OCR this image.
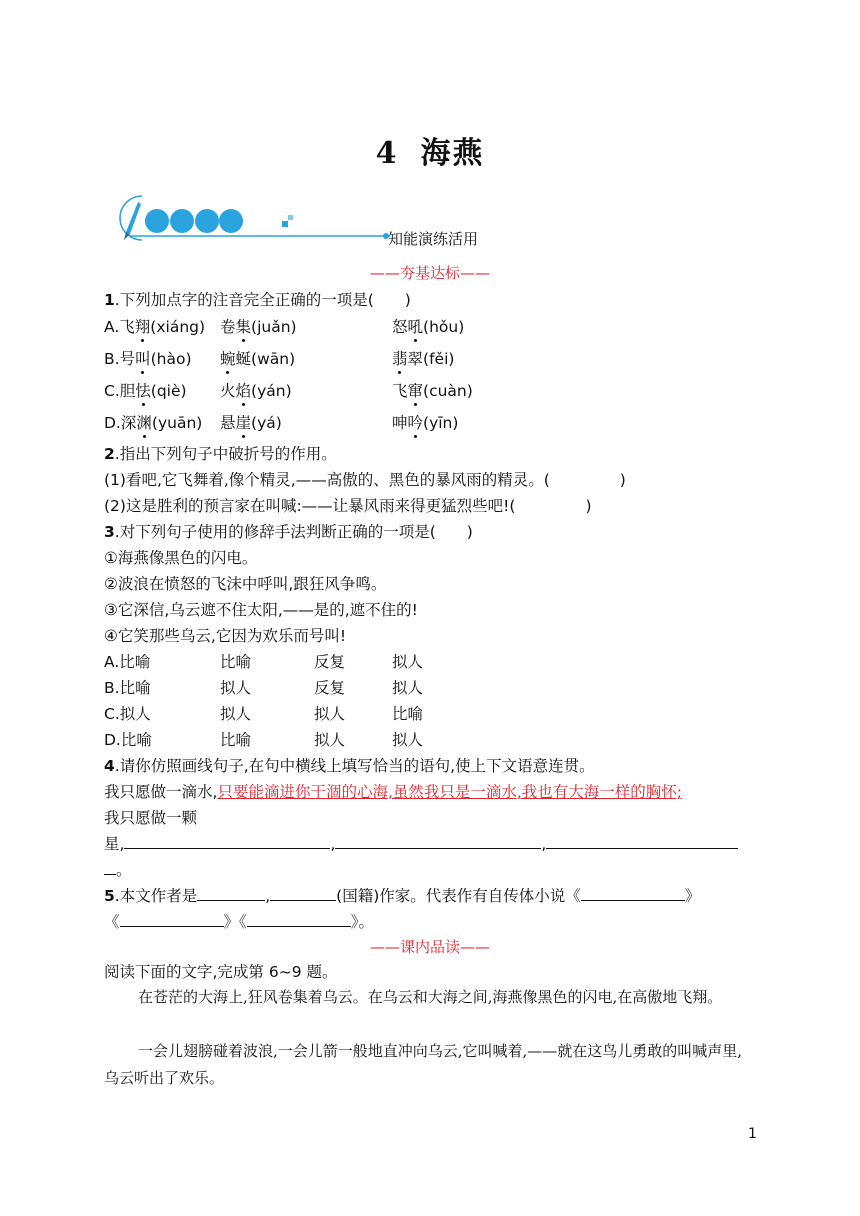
4 海燕
知能演练活用
——夯基达标——
1.下列加点字的注音完全正确的一项是(　　)
A.飞翔(xiáng) 卷集(juǎn)	怒吼(hǒu)
B.号叫(hào) 蜿蜒(wān)	翡翠(fěi)
C.胆怯(qiè) 火焰(yán)	飞窜(cuàn)
D.深渊(yuān) 悬崖(yá)	呻吟(yīn)
2.指出下列句子中破折号的作用。
(1)看吧,它飞舞着,像个精灵,——高傲的、黑色的暴风雨的精灵。(	)
(2)这是胜利的预言家在叫喊:——让暴风雨来得更猛烈些吧!(	)
3.对下列句子使用的修辞手法判断正确的一项是(　　)
①海燕像黑色的闪电。
②波浪在愤怒的飞沫中呼叫,跟狂风争鸣。
③它深信,乌云遮不住太阳,——是的,遮不住的!
④它笑那些乌云,它因为欢乐而号叫!
A.比喻	比喻	反复	拟人
B.比喻	拟人	反复	拟人
C.拟人	拟人	拟人	比喻
D.比喻	比喻	拟人	拟人
4.请你仿照画线句子,在句中横线上填写恰当的语句,使上下文语意连贯。
我只愿做一滴水,只要能滴进你干涸的心海,虽然我只是一滴水,我也有大海一样的胸怀;
我只愿做一颗
星,	,	,
。
5.本文作者是	,	(国籍)作家。代表作有自传体小说《	》
《	》《	》。
——课内品读——
阅读下面的文字,完成第 6~9 题。
在苍茫的大海上,狂风卷集着乌云。在乌云和大海之间,海燕像黑色的闪电,在高傲地飞翔。
一会儿翅膀碰着波浪,一会儿箭一般地直冲向乌云,它叫喊着,——就在这鸟儿勇敢的叫喊声里,乌云听出了欢乐。
1
